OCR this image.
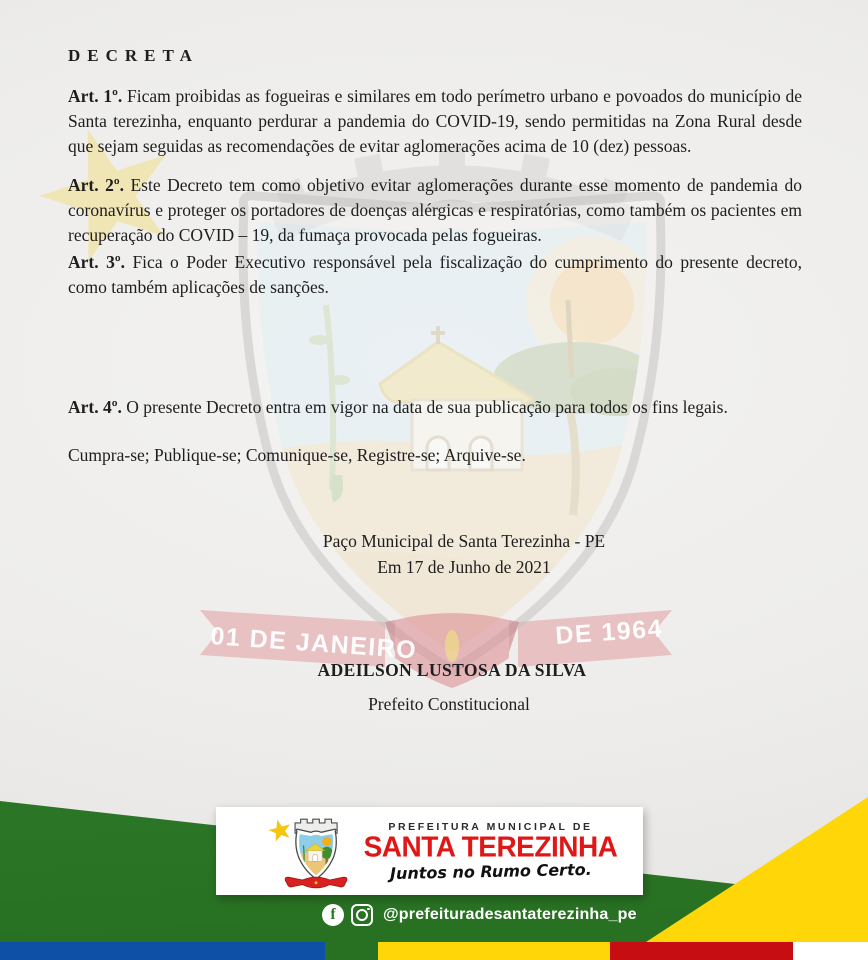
01 DE JANEIRO	DE 1964
DECRETA

Art. 1º. Ficam proibidas as fogueiras e similares em todo perímetro urbano e povoados do município de Santa terezinha, enquanto perdurar a pandemia do COVID-19, sendo permitidas na Zona Rural desde que sejam seguidas as recomendações de evitar aglomerações acima de 10 (dez) pessoas.

Art. 2º. Este Decreto tem como objetivo evitar aglomerações durante esse momento de pandemia do coronavírus e proteger os portadores de doenças alérgicas e respiratórias, como também os pacientes em recuperação do COVID – 19, da fumaça provocada pelas fogueiras.

Art. 3º. Fica o Poder Executivo responsável pela fiscalização do cumprimento do presente decreto, como também aplicações de sanções.

Art. 4º. O presente Decreto entra em vigor na data de sua publicação para todos os fins legais.

Cumpra-se; Publique-se; Comunique-se, Registre-se; Arquive-se.

Paço Municipal de Santa Terezinha - PE
Em 17 de Junho de 2021
ADEILSON LUSTOSA DA SILVA
Prefeito Constitucional
PREFEITURA MUNICIPAL DE
SANTA TEREZINHA
Juntos no Rumo Certo.
f	@prefeituradesantaterezinha_pe
